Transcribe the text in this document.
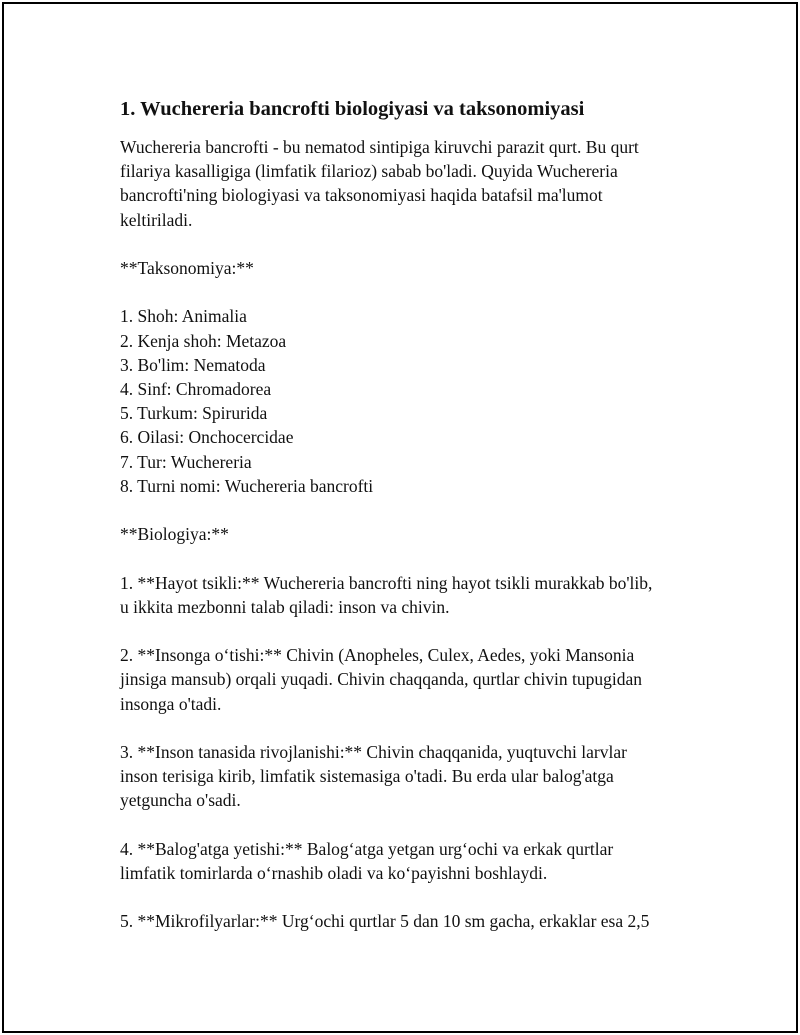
1. Wuchereria bancrofti biologiyasi va taksonomiyasi
Wuchereria bancrofti - bu nematod sintipiga kiruvchi parazit qurt. Bu qurt
filariya kasalligiga (limfatik filarioz) sabab bo'ladi. Quyida Wuchereria
bancrofti'ning biologiyasi va taksonomiyasi haqida batafsil ma'lumot
keltiriladi.
**Taksonomiya:**
1. Shoh: Animalia
2. Kenja shoh: Metazoa
3. Bo'lim: Nematoda
4. Sinf: Chromadorea
5. Turkum: Spirurida
6. Oilasi: Onchocercidae
7. Tur: Wuchereria
8. Turni nomi: Wuchereria bancrofti
**Biologiya:**
1. **Hayot tsikli:** Wuchereria bancrofti ning hayot tsikli murakkab bo'lib,
u ikkita mezbonni talab qiladi: inson va chivin.
2. **Insonga o‘tishi:** Chivin (Anopheles, Culex, Aedes, yoki Mansonia
jinsiga mansub) orqali yuqadi. Chivin chaqqanda, qurtlar chivin tupugidan
insonga o'tadi.
3. **Inson tanasida rivojlanishi:** Chivin chaqqanida, yuqtuvchi larvlar
inson terisiga kirib, limfatik sistemasiga o'tadi. Bu erda ular balog'atga
yetguncha o'sadi.
4. **Balog'atga yetishi:** Balog‘atga yetgan urg‘ochi va erkak qurtlar
limfatik tomirlarda o‘rnashib oladi va ko‘payishni boshlaydi.
5. **Mikrofilyarlar:** Urg‘ochi qurtlar 5 dan 10 sm gacha, erkaklar esa 2,5
